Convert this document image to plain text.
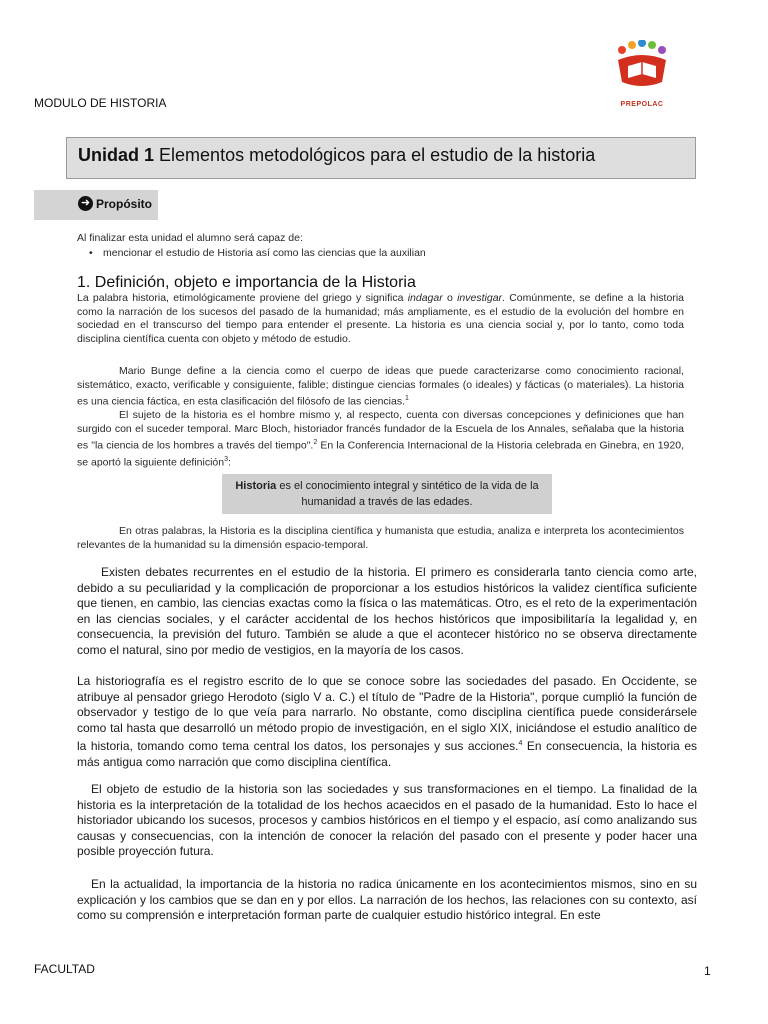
MODULO DE HISTORIA	PREPOLAC
Unidad 1 Elementos metodológicos para el estudio de la historia
➜ Propósito
Al finalizar esta unidad el alumno será capaz de:
• mencionar el estudio de Historia así como las ciencias que la auxilian
1. Definición, objeto e importancia de la Historia
La palabra historia, etimológicamente proviene del griego y significa indagar o investigar. Comúnmente, se define a la historia como la narración de los sucesos del pasado de la humanidad; más ampliamente, es el estudio de la evolución del hombre en sociedad en el transcurso del tiempo para entender el presente. La historia es una ciencia social y, por lo tanto, como toda disciplina científica cuenta con objeto y método de estudio.
Mario Bunge define a la ciencia como el cuerpo de ideas que puede caracterizarse como conocimiento racional, sistemático, exacto, verificable y consiguiente, falible; distingue ciencias formales (o ideales) y fácticas (o materiales). La historia es una ciencia fáctica, en esta clasificación del filósofo de las ciencias.$^1$
El sujeto de la historia es el hombre mismo y, al respecto, cuenta con diversas concepciones y definiciones que han surgido con el suceder temporal. Marc Bloch, historiador francés fundador de la Escuela de los Annales, señalaba que la historia es "la ciencia de los hombres a través del tiempo".$^2$ En la Conferencia Internacional de la Historia celebrada en Ginebra, en 1920, se aportó la siguiente definición$^3$:
Historia es el conocimiento integral y sintético de la vida de la humanidad a través de las edades.
En otras palabras, la Historia es la disciplina científica y humanista que estudia, analiza e interpreta los acontecimientos relevantes de la humanidad su la dimensión espacio-temporal.
Existen debates recurrentes en el estudio de la historia. El primero es considerarla tanto ciencia como arte, debido a su peculiaridad y la complicación de proporcionar a los estudios históricos la validez científica suficiente que tienen, en cambio, las ciencias exactas como la física o las matemáticas. Otro, es el reto de la experimentación en las ciencias sociales, y el carácter accidental de los hechos históricos que imposibilitaría la legalidad y, en consecuencia, la previsión del futuro. También se alude a que el acontecer histórico no se observa directamente como el natural, sino por medio de vestigios, en la mayoría de los casos.
La historiografía es el registro escrito de lo que se conoce sobre las sociedades del pasado. En Occidente, se atribuye al pensador griego Herodoto (siglo V a. C.) el título de "Padre de la Historia", porque cumplió la función de observador y testigo de lo que veía para narrarlo. No obstante, como disciplina científica puede considerársele como tal hasta que desarrolló un método propio de investigación, en el siglo XIX, iniciándose el estudio analítico de la historia, tomando como tema central los datos, los personajes y sus acciones.$^4$ En consecuencia, la historia es más antigua como narración que como disciplina científica.
El objeto de estudio de la historia son las sociedades y sus transformaciones en el tiempo. La finalidad de la historia es la interpretación de la totalidad de los hechos acaecidos en el pasado de la humanidad. Esto lo hace el historiador ubicando los sucesos, procesos y cambios históricos en el tiempo y el espacio, así como analizando sus causas y consecuencias, con la intención de conocer la relación del pasado con el presente y poder hacer una posible proyección futura.
En la actualidad, la importancia de la historia no radica únicamente en los acontecimientos mismos, sino en su explicación y los cambios que se dan en y por ellos. La narración de los hechos, las relaciones con su contexto, así como su comprensión e interpretación forman parte de cualquier estudio histórico integral. En este
FACULTAD	1
